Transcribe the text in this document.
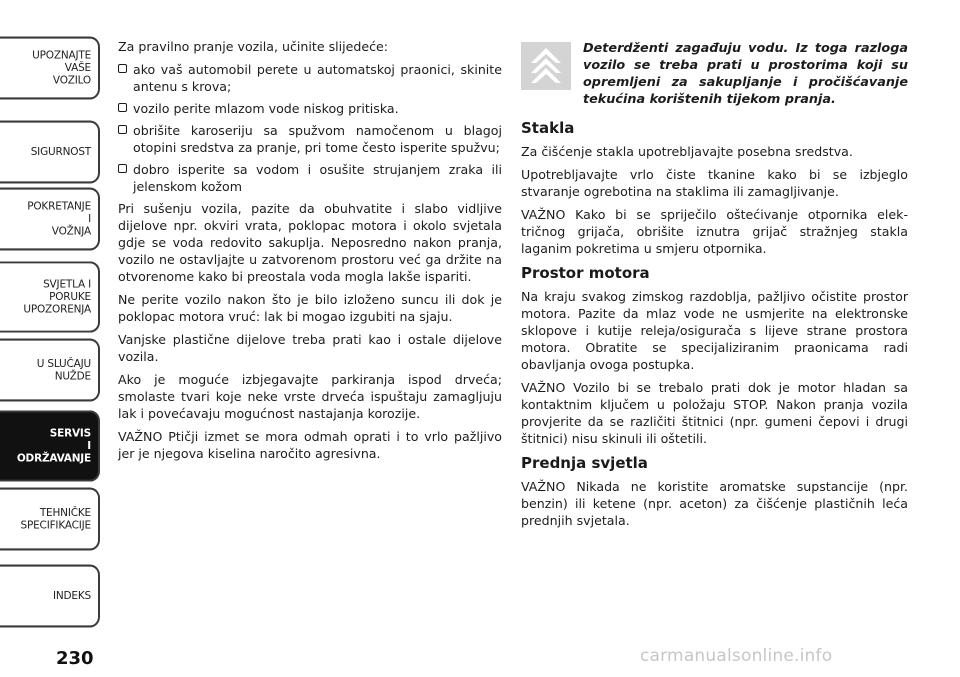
UPOZNAJTE
VAŠE
VOZILO
SIGURNOST
POKRETANJE
I
VOŽNJA
SVJETLA I
PORUKE
UPOZORENJA
U SLUČAJU
NUŽDE
SERVIS
I
ODRŽAVANJE
TEHNIČKE
SPECIFIKACIJE
INDEKS
230

Za pravilno pranje vozila, učinite slijedeće:

ako vaš automobil perete u automatskoj praonici, skinite antenu s krova;
vozilo perite mlazom vode niskog pritiska.
obrišite karoseriju sa spužvom namočenom u blagoj otopini sredstva za pranje, pri tome često isperite spužvu;
dobro isperite sa vodom i osušite strujanjem zraka ili jelenskom kožom

Pri sušenju vozila, pazite da obuhvatite i slabo vidljive dijelove npr. okviri vrata, poklopac motora i okolo svjetala gdje se voda redovito sakuplja. Neposredno nakon pranja, vozilo ne ostavljajte u zatvorenom prostoru već gа držite na otvorenome kako bi preostala voda mogla lakše ispariti.

Ne perite vozilo nakon što je bilo izloženo suncu ili dok je poklopac motora vruć: lak bi mogao izgubiti na sjaju.

Vanjske plastične dijelove treba prati kao i ostale dijelove vozila.

Ako je moguće izbjegavajte parkiranja ispod drveća; smolaste tvari koje neke vrste drveća ispuštaju zamagljuju lak i povećavaju mogućnost nastajanja korozije.

VAŽNO Ptičji izmet se mora odmah oprati i to vrlo pažljivo jer je njegova kiselina naročito agresivna.

Deterdženti zagađuju vodu. Iz toga razloga vozilo se treba prati u prostorima koji su opremljeni za sakupljanje i pročišćavanje tekućina korištenih tijekom pranja.
Stakla

Za čišćenje stakla upotrebljavajte posebna sredstva.

Upotrebljavajte vrlo čiste tkanine kako bi se izbjeglo stvaranje ogrebotina na staklima ili zamagljivanje.

VAŽNO Kako bi se spriječilo oštećivanje otpornika elek-tričnog grijača, obrišite iznutra grijač stražnjeg stakla laganim pokretima u smjeru otpornika.

Prostor motora

Na kraju svakog zimskog razdoblja, pažljivo očistite prostor motora. Pazite da mlaz vode ne usmjerite na elektronske sklopove i kutije releja/osigurača s lijeve strane prostora motora. Obratite se specijaliziranim praonicama radi obavljanja ovoga postupka.

VAŽNO Vozilo bi se trebalo prati dok je motor hladan sa kontaktnim ključem u položaju STOP. Nakon pranja vozila provjerite da se različiti štitnici (npr. gumeni čepovi i drugi štitnici) nisu skinuli ili oštetili.

Prednja svjetla

VAŽNO Nikada ne koristite aromatske supstancije (npr. benzin) ili ketene (npr. aceton) za čišćenje plastičnih leća prednjih svjetala.

carmanualsonline.info
